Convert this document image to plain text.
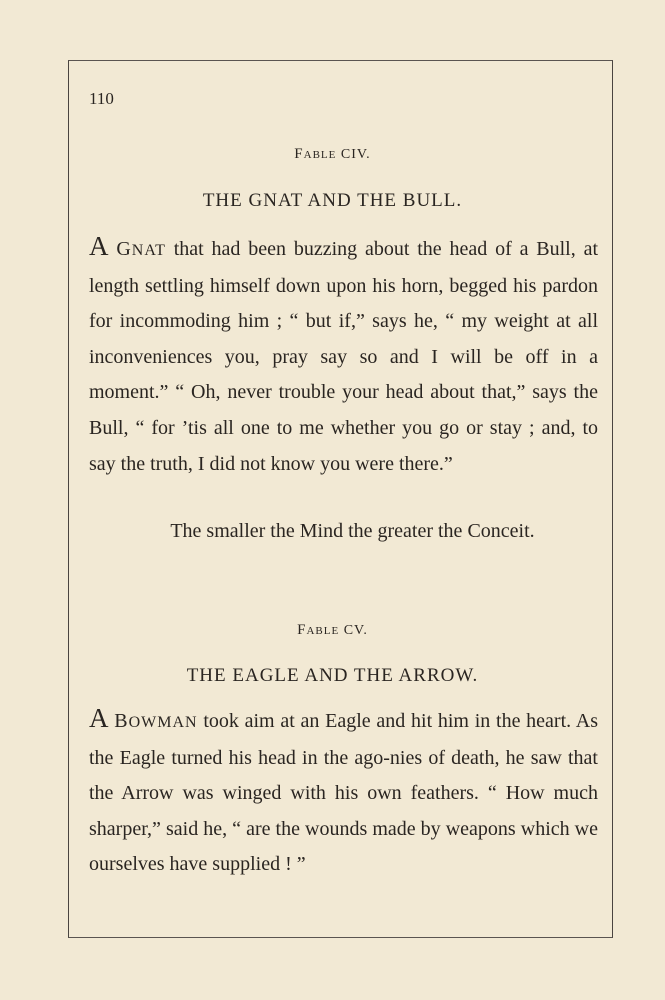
110
FABLE CIV.
THE GNAT AND THE BULL.

A GNAT that had been buzzing about the head of a Bull, at length settling himself down upon his horn, begged his pardon for incommoding him ; “ but if,” says he, “ my weight at all inconveniences you, pray say so and I will be off in a moment.” “ Oh, never trouble your head about that,” says the Bull, “ for ’tis all one to me whether you go or stay ; and, to say the truth, I did not know you were there.”

The smaller the Mind the greater the Conceit.
FABLE CV.
THE EAGLE AND THE ARROW.

A BOWMAN took aim at an Eagle and hit him in the heart. As the Eagle turned his head in the ago-nies of death, he saw that the Arrow was winged with his own feathers. “ How much sharper,” said he, “ are the wounds made by weapons which we ourselves have supplied ! ”
